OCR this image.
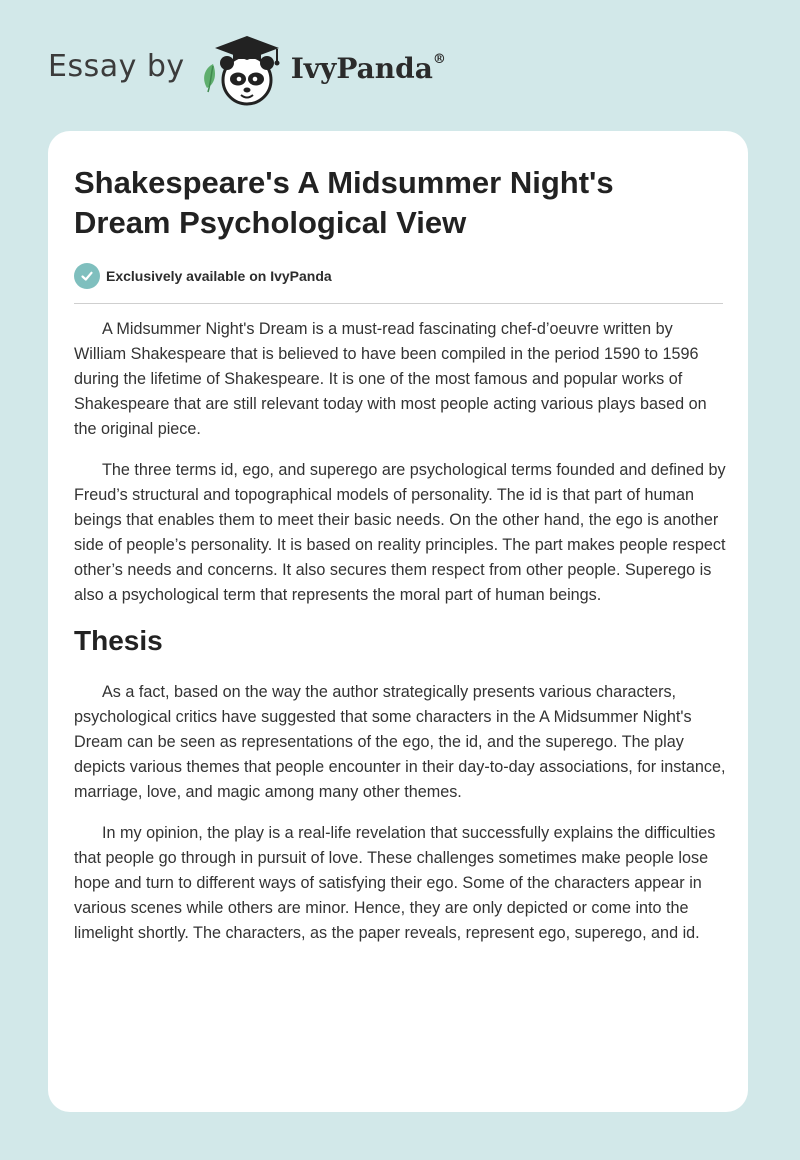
Essay by	IvyPanda®
Shakespeare's A Midsummer Night's Dream Psychological View
Exclusively available on IvyPanda

A Midsummer Night's Dream is a must-read fascinating chef-d’oeuvre written by William Shakespeare that is believed to have been compiled in the period 1590 to 1596 during the lifetime of Shakespeare. It is one of the most famous and popular works of Shakespeare that are still relevant today with most people acting various plays based on the original piece.

The three terms id, ego, and superego are psychological terms founded and defined by Freud’s structural and topographical models of personality. The id is that part of human beings that enables them to meet their basic needs. On the other hand, the ego is another side of people’s personality. It is based on reality principles. The part makes people respect other’s needs and concerns. It also secures them respect from other people. Superego is also a psychological term that represents the moral part of human beings.

Thesis

As a fact, based on the way the author strategically presents various characters, psychological critics have suggested that some characters in the A Midsummer Night's Dream can be seen as representations of the ego, the id, and the superego. The play depicts various themes that people encounter in their day-to-day associations, for instance, marriage, love, and magic among many other themes.

In my opinion, the play is a real-life revelation that successfully explains the difficulties that people go through in pursuit of love. These challenges sometimes make people lose hope and turn to different ways of satisfying their ego. Some of the characters appear in various scenes while others are minor. Hence, they are only depicted or come into the limelight shortly. The characters, as the paper reveals, represent ego, superego, and id.
